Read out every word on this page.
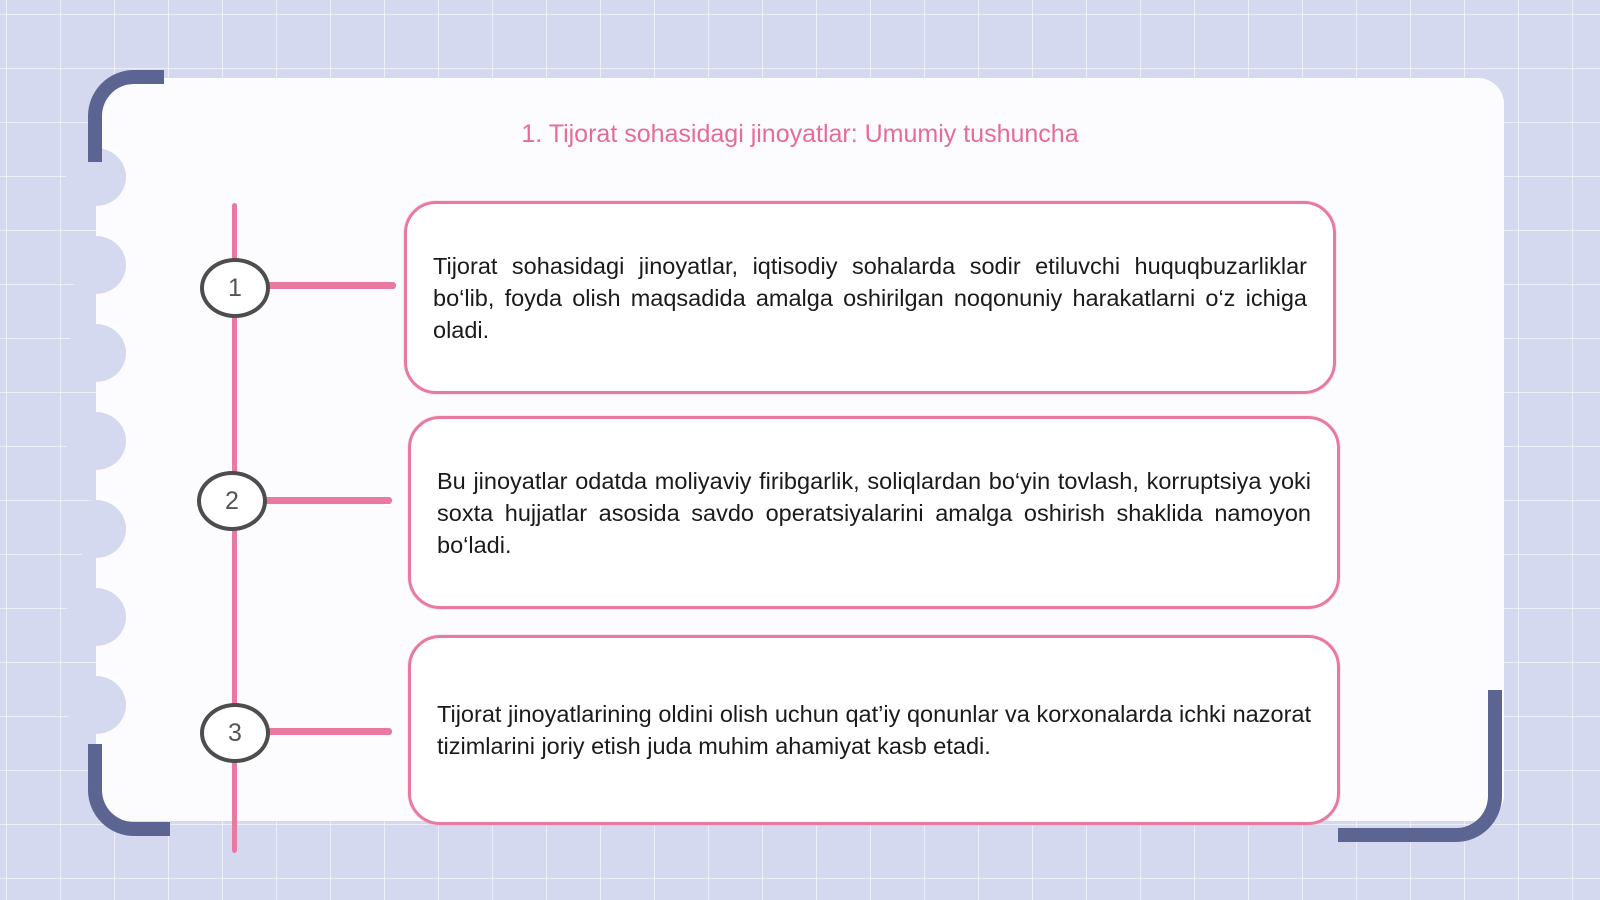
1. Tijorat sohasidagi jinoyatlar: Umumiy tushuncha
1

Tijorat sohasidagi jinoyatlar, iqtisodiy sohalarda sodir etiluvchi huquqbuzarliklar bo‘lib, foyda olish maqsadida amalga oshirilgan noqonuniy harakatlarni o‘z ichiga oladi.

2

Bu jinoyatlar odatda moliyaviy firibgarlik, soliqlardan bo‘yin tovlash, korruptsiya yoki soxta hujjatlar asosida savdo operatsiyalarini amalga oshirish shaklida namoyon bo‘ladi.

3

Tijorat jinoyatlarining oldini olish uchun qat’iy qonunlar va korxonalarda ichki nazorat tizimlarini joriy etish juda muhim ahamiyat kasb etadi.
